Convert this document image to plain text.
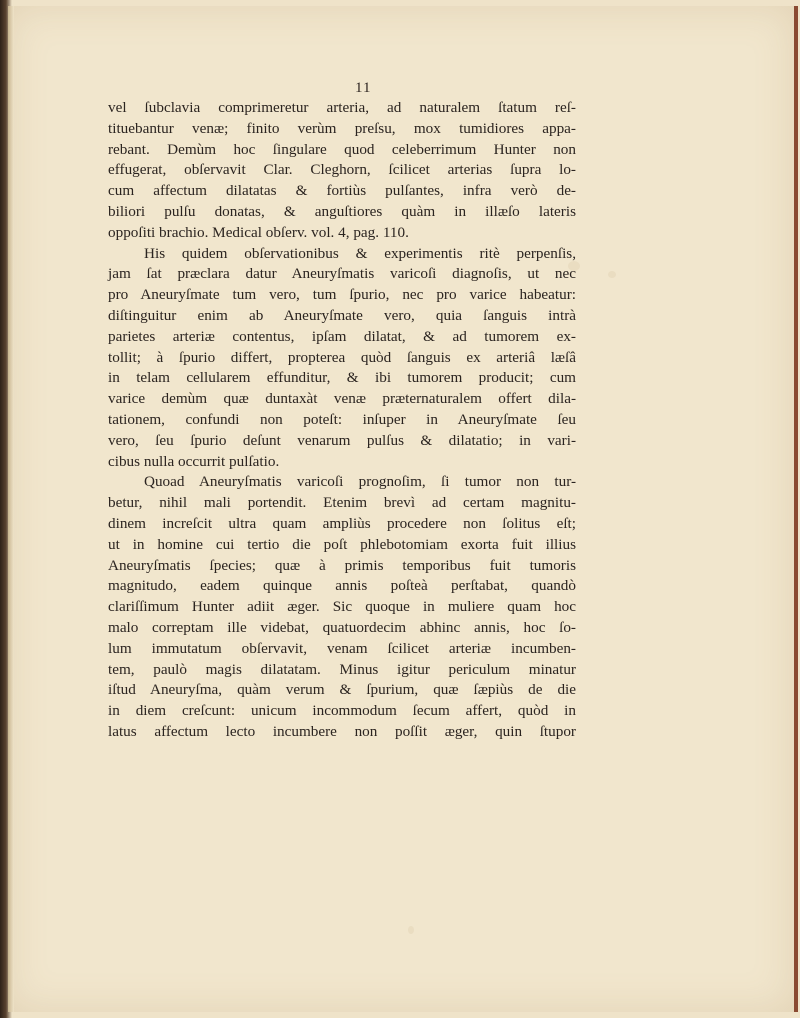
11
vel ſubclavia comprimeretur arteria, ad naturalem ſtatum reſ-
tituebantur venæ; finito verùm preſsu, mox tumidiores appa-
rebant. Demùm hoc ſingulare quod celeberrimum Hunter non
effugerat, obſervavit Clar. Cleghorn, ſcilicet arterias ſupra lo-
cum affectum dilatatas & fortiùs pulſantes, infra verò de-
biliori pulſu donatas, & anguſtiores quàm in illæſo lateris
oppoſiti brachio. Medical obſerv. vol. 4, pag. 110.
His quidem obſervationibus & experimentis ritè perpenſis,
jam ſat præclara datur Aneuryſmatis varicoſi diagnoſis, ut nec
pro Aneuryſmate tum vero, tum ſpurio, nec pro varice habeatur:
diſtinguitur enim ab Aneuryſmate vero, quia ſanguis intrà
parietes arteriæ contentus, ipſam dilatat, & ad tumorem ex-
tollit; à ſpurio differt, propterea quòd ſanguis ex arteriâ læſâ
in telam cellularem effunditur, & ibi tumorem producit; cum
varice demùm quæ duntaxàt venæ præternaturalem offert dila-
tationem, confundi non poteſt: inſuper in Aneuryſmate ſeu
vero, ſeu ſpurio deſunt venarum pulſus & dilatatio; in vari-
cibus nulla occurrit pulſatio.
Quoad Aneuryſmatis varicoſi prognoſim, ſi tumor non tur-
betur, nihil mali portendit. Etenim brevì ad certam magnitu-
dinem increſcit ultra quam ampliùs procedere non ſolitus eſt;
ut in homine cui tertio die poſt phlebotomiam exorta fuit illius
Aneuryſmatis ſpecies; quæ à primis temporibus fuit tumoris
magnitudo, eadem quinque annis poſteà perſtabat, quandò
clariſſimum Hunter adiit æger. Sic quoque in muliere quam hoc
malo correptam ille videbat, quatuordecim abhinc annis, hoc ſo-
lum immutatum obſervavit, venam ſcilicet arteriæ incumben-
tem, paulò magis dilatatam. Minus igitur periculum minatur
iſtud Aneuryſma, quàm verum & ſpurium, quæ ſæpiùs de die
in diem creſcunt: unicum incommodum ſecum affert, quòd in
latus affectum lecto incumbere non poſſit æger, quin ſtupor
